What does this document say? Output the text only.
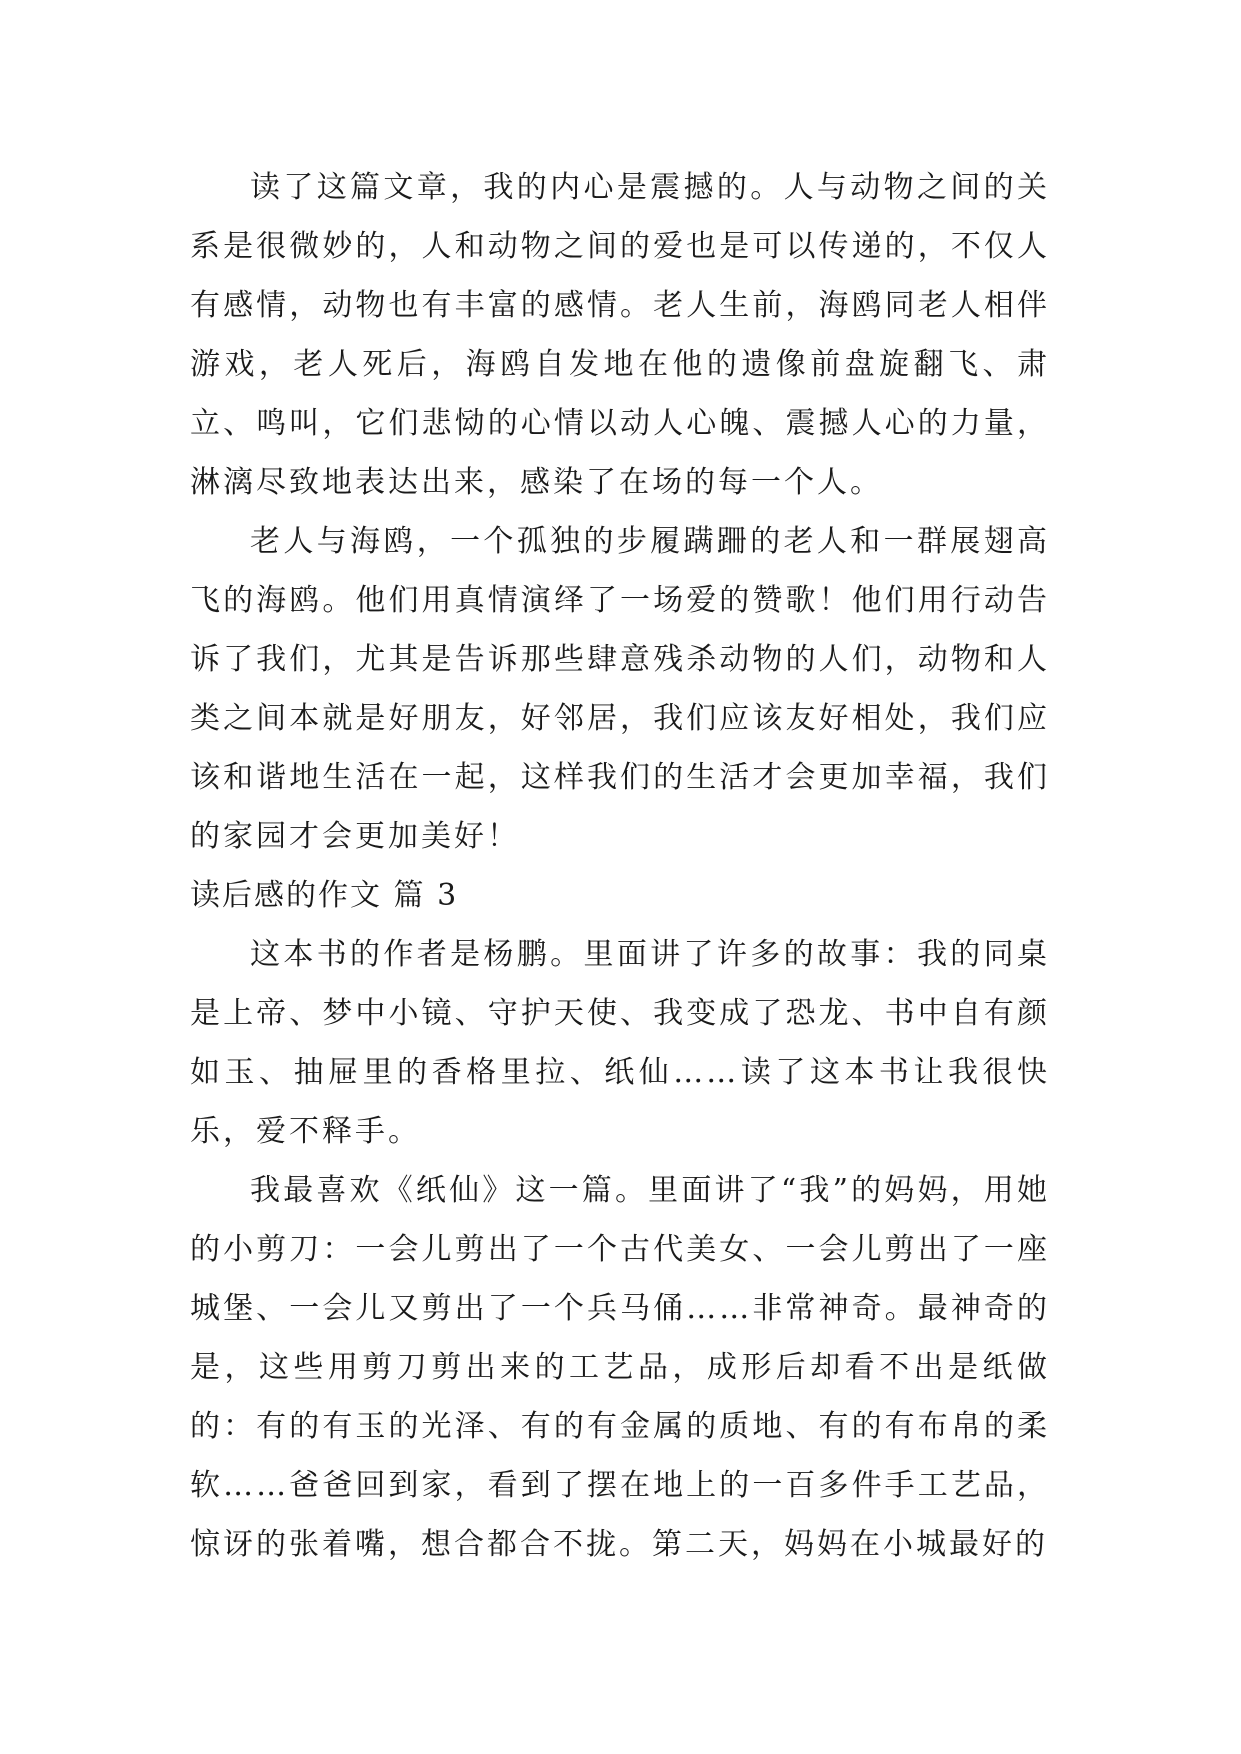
读了这篇文章，我的内心是震撼的。人与动物之间的关系是很微妙的，人和动物之间的爱也是可以传递的，不仅人有感情，动物也有丰富的感情。老人生前，海鸥同老人相伴游戏，老人死后，海鸥自发地在他的遗像前盘旋翻飞、肃立、鸣叫，它们悲恸的心情以动人心魄、震撼人心的力量，淋漓尽致地表达出来，感染了在场的每一个人。

老人与海鸥，一个孤独的步履蹒跚的老人和一群展翅高飞的海鸥。他们用真情演绎了一场爱的赞歌！他们用行动告诉了我们，尤其是告诉那些肆意残杀动物的人们，动物和人类之间本就是好朋友，好邻居，我们应该友好相处，我们应该和谐地生活在一起，这样我们的生活才会更加幸福，我们的家园才会更加美好！

读后感的作文 篇 3

这本书的作者是杨鹏。里面讲了许多的故事：我的同桌是上帝、梦中小镜、守护天使、我变成了恐龙、书中自有颜如玉、抽屉里的香格里拉、纸仙……读了这本书让我很快乐，爱不释手。

我最喜欢《纸仙》这一篇。里面讲了“我”的妈妈，用她的小剪刀：一会儿剪出了一个古代美女、一会儿剪出了一座城堡、一会儿又剪出了一个兵马俑……非常神奇。最神奇的是，这些用剪刀剪出来的工艺品，成形后却看不出是纸做的：有的有玉的光泽、有的有金属的质地、有的有布帛的柔软……爸爸回到家，看到了摆在地上的一百多件手工艺品，惊讶的张着嘴，想合都合不拢。第二天，妈妈在小城最好的
